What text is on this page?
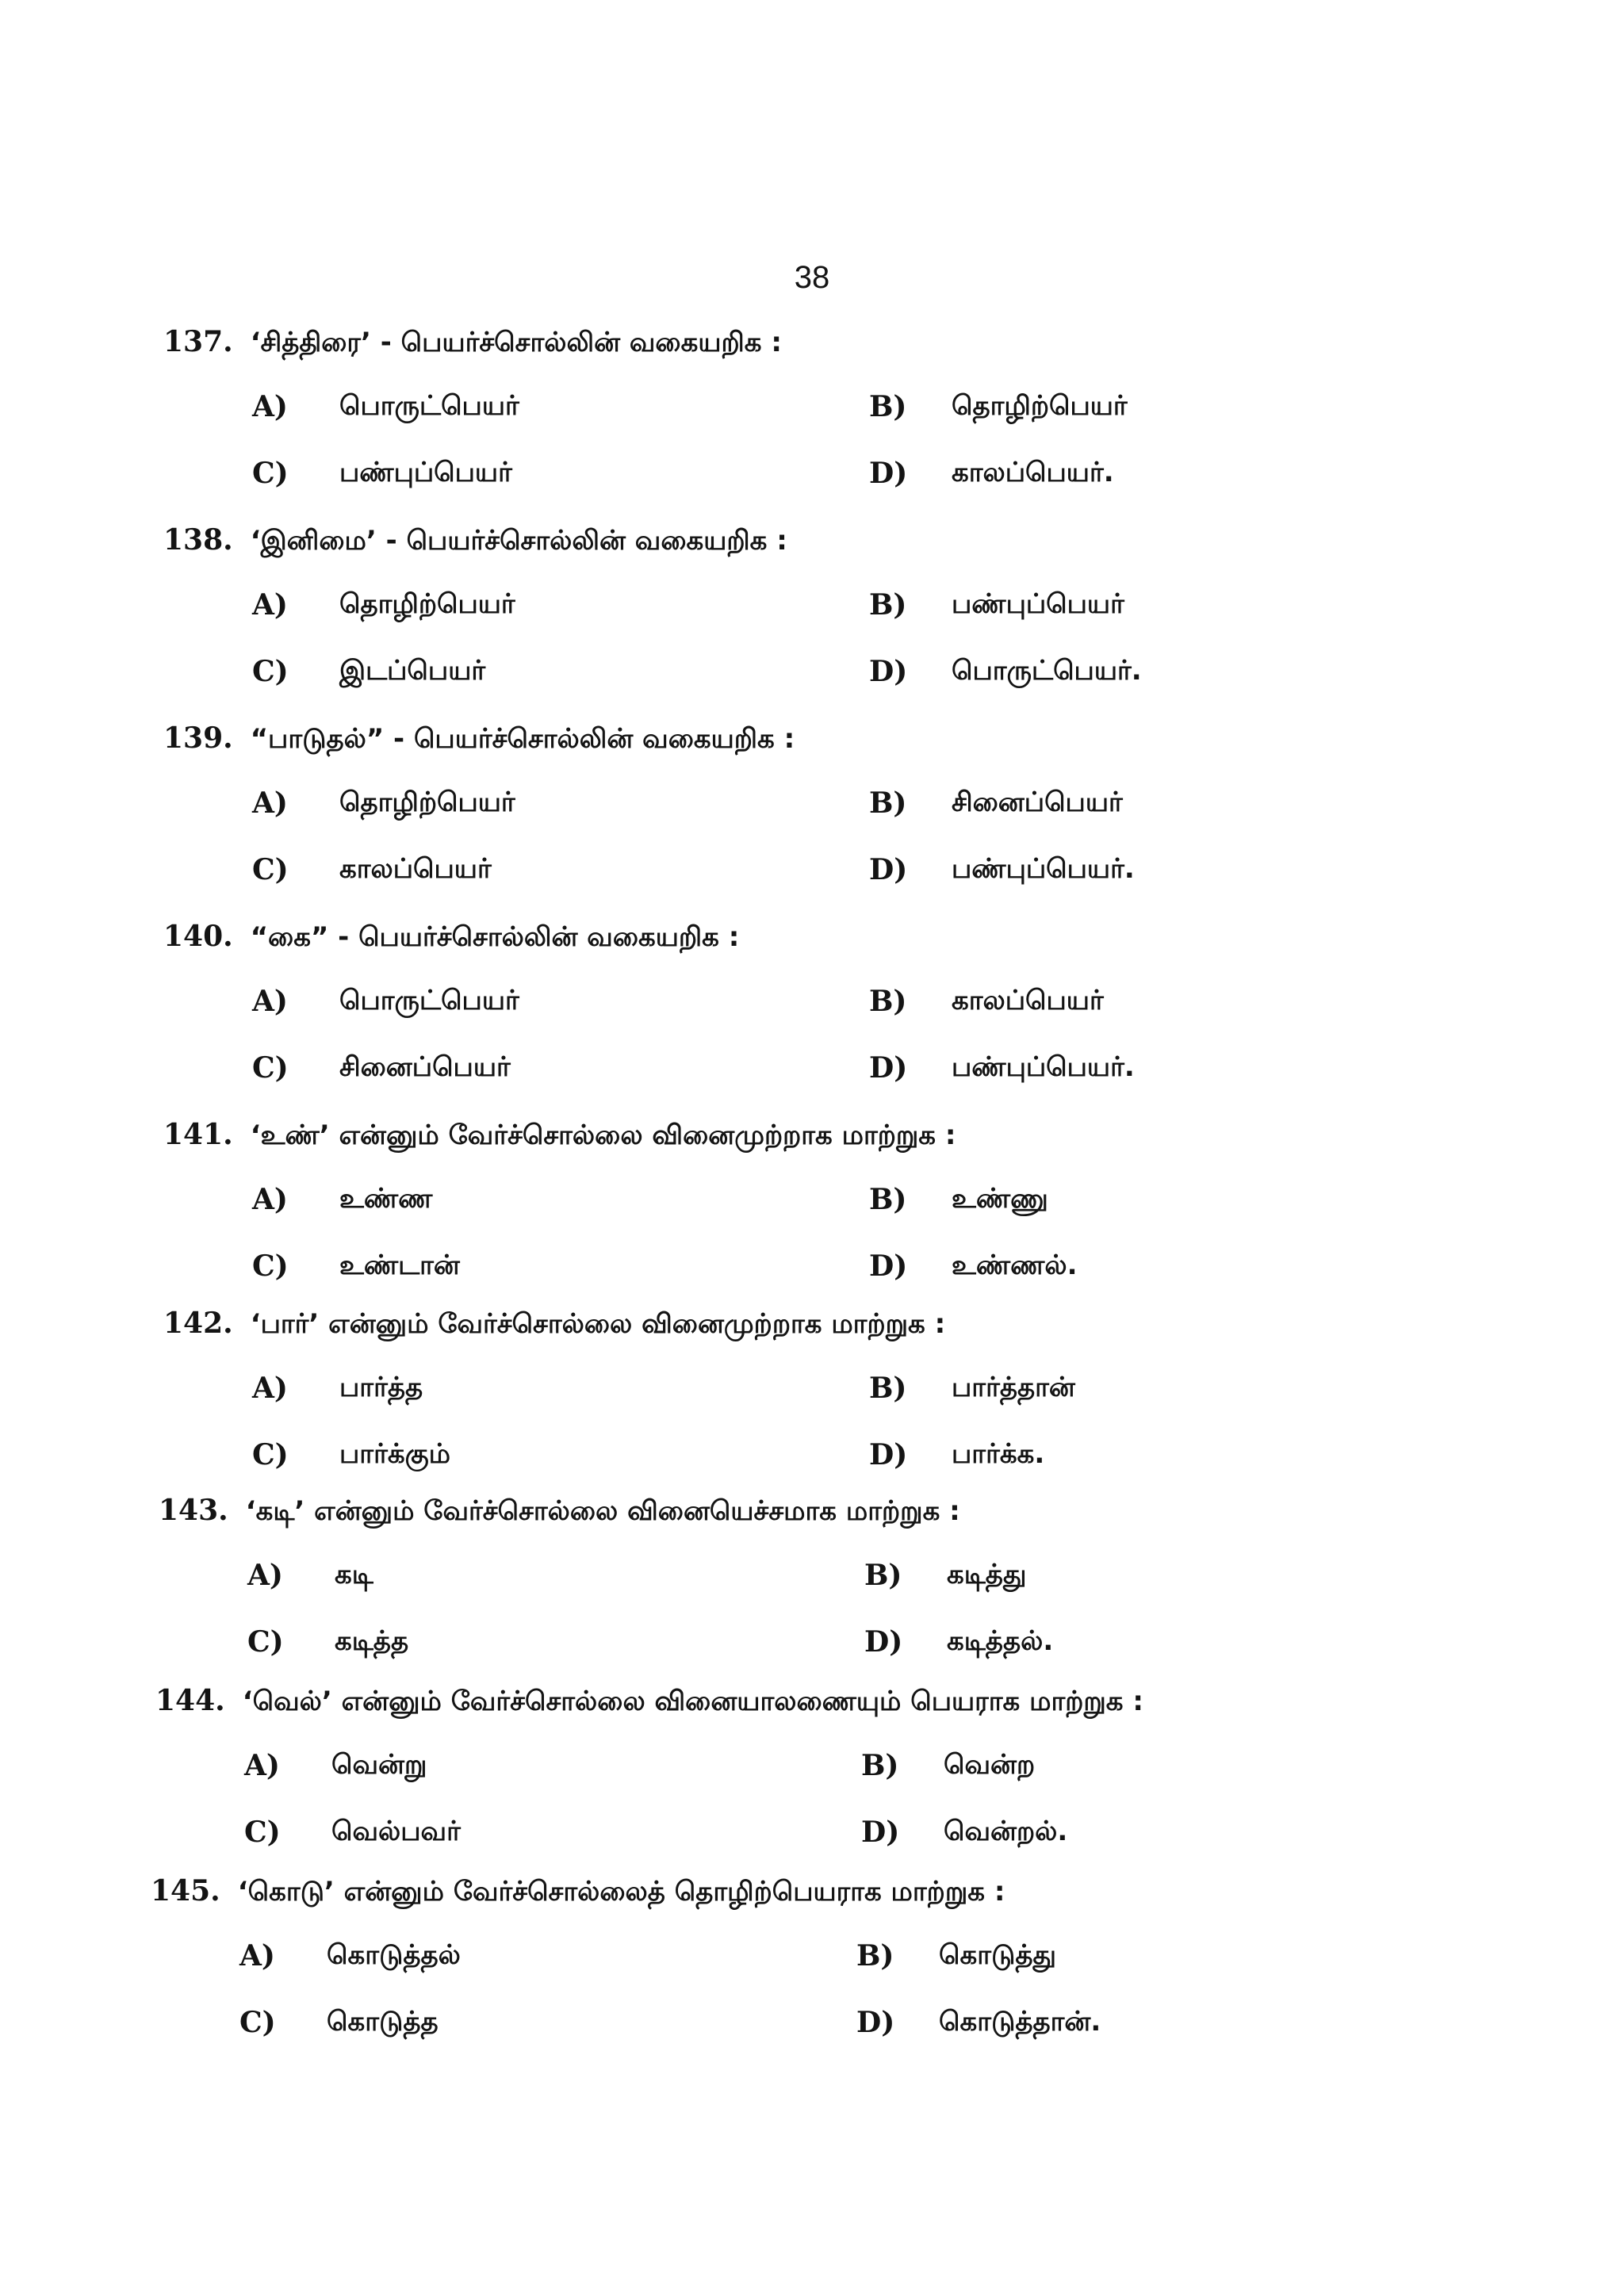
38
137. ‘சித்திரை’ - பெயர்ச்சொல்லின் வகையறிக :
A) பொருட்பெயர்	B) தொழிற்பெயர்
C) பண்புப்பெயர்	D) காலப்பெயர்.
138. ‘இனிமை’ - பெயர்ச்சொல்லின் வகையறிக :
A) தொழிற்பெயர்	B) பண்புப்பெயர்
C) இடப்பெயர்	D) பொருட்பெயர்.
139. “பாடுதல்” - பெயர்ச்சொல்லின் வகையறிக :
A) தொழிற்பெயர்	B) சினைப்பெயர்
C) காலப்பெயர்	D) பண்புப்பெயர்.
140. “கை” - பெயர்ச்சொல்லின் வகையறிக :
A) பொருட்பெயர்	B) காலப்பெயர்
C) சினைப்பெயர்	D) பண்புப்பெயர்.
141. ‘உண்’ என்னும் வேர்ச்சொல்லை வினைமுற்றாக மாற்றுக :
A) உண்ண	B) உண்ணு
C) உண்டான்	D) உண்ணல்.
142. ‘பார்’ என்னும் வேர்ச்சொல்லை வினைமுற்றாக மாற்றுக :
A) பார்த்த	B) பார்த்தான்
C) பார்க்கும்	D) பார்க்க.
143. ‘கடி’ என்னும் வேர்ச்சொல்லை வினையெச்சமாக மாற்றுக :
A) கடி	B) கடித்து
C) கடித்த	D) கடித்தல்.
144. ‘வெல்’ என்னும் வேர்ச்சொல்லை வினையாலணையும் பெயராக மாற்றுக :
A) வென்று	B) வென்ற
C) வெல்பவர்	D) வென்றல்.
145. ‘கொடு’ என்னும் வேர்ச்சொல்லைத் தொழிற்பெயராக மாற்றுக :
A) கொடுத்தல்	B) கொடுத்து
C) கொடுத்த	D) கொடுத்தான்.
